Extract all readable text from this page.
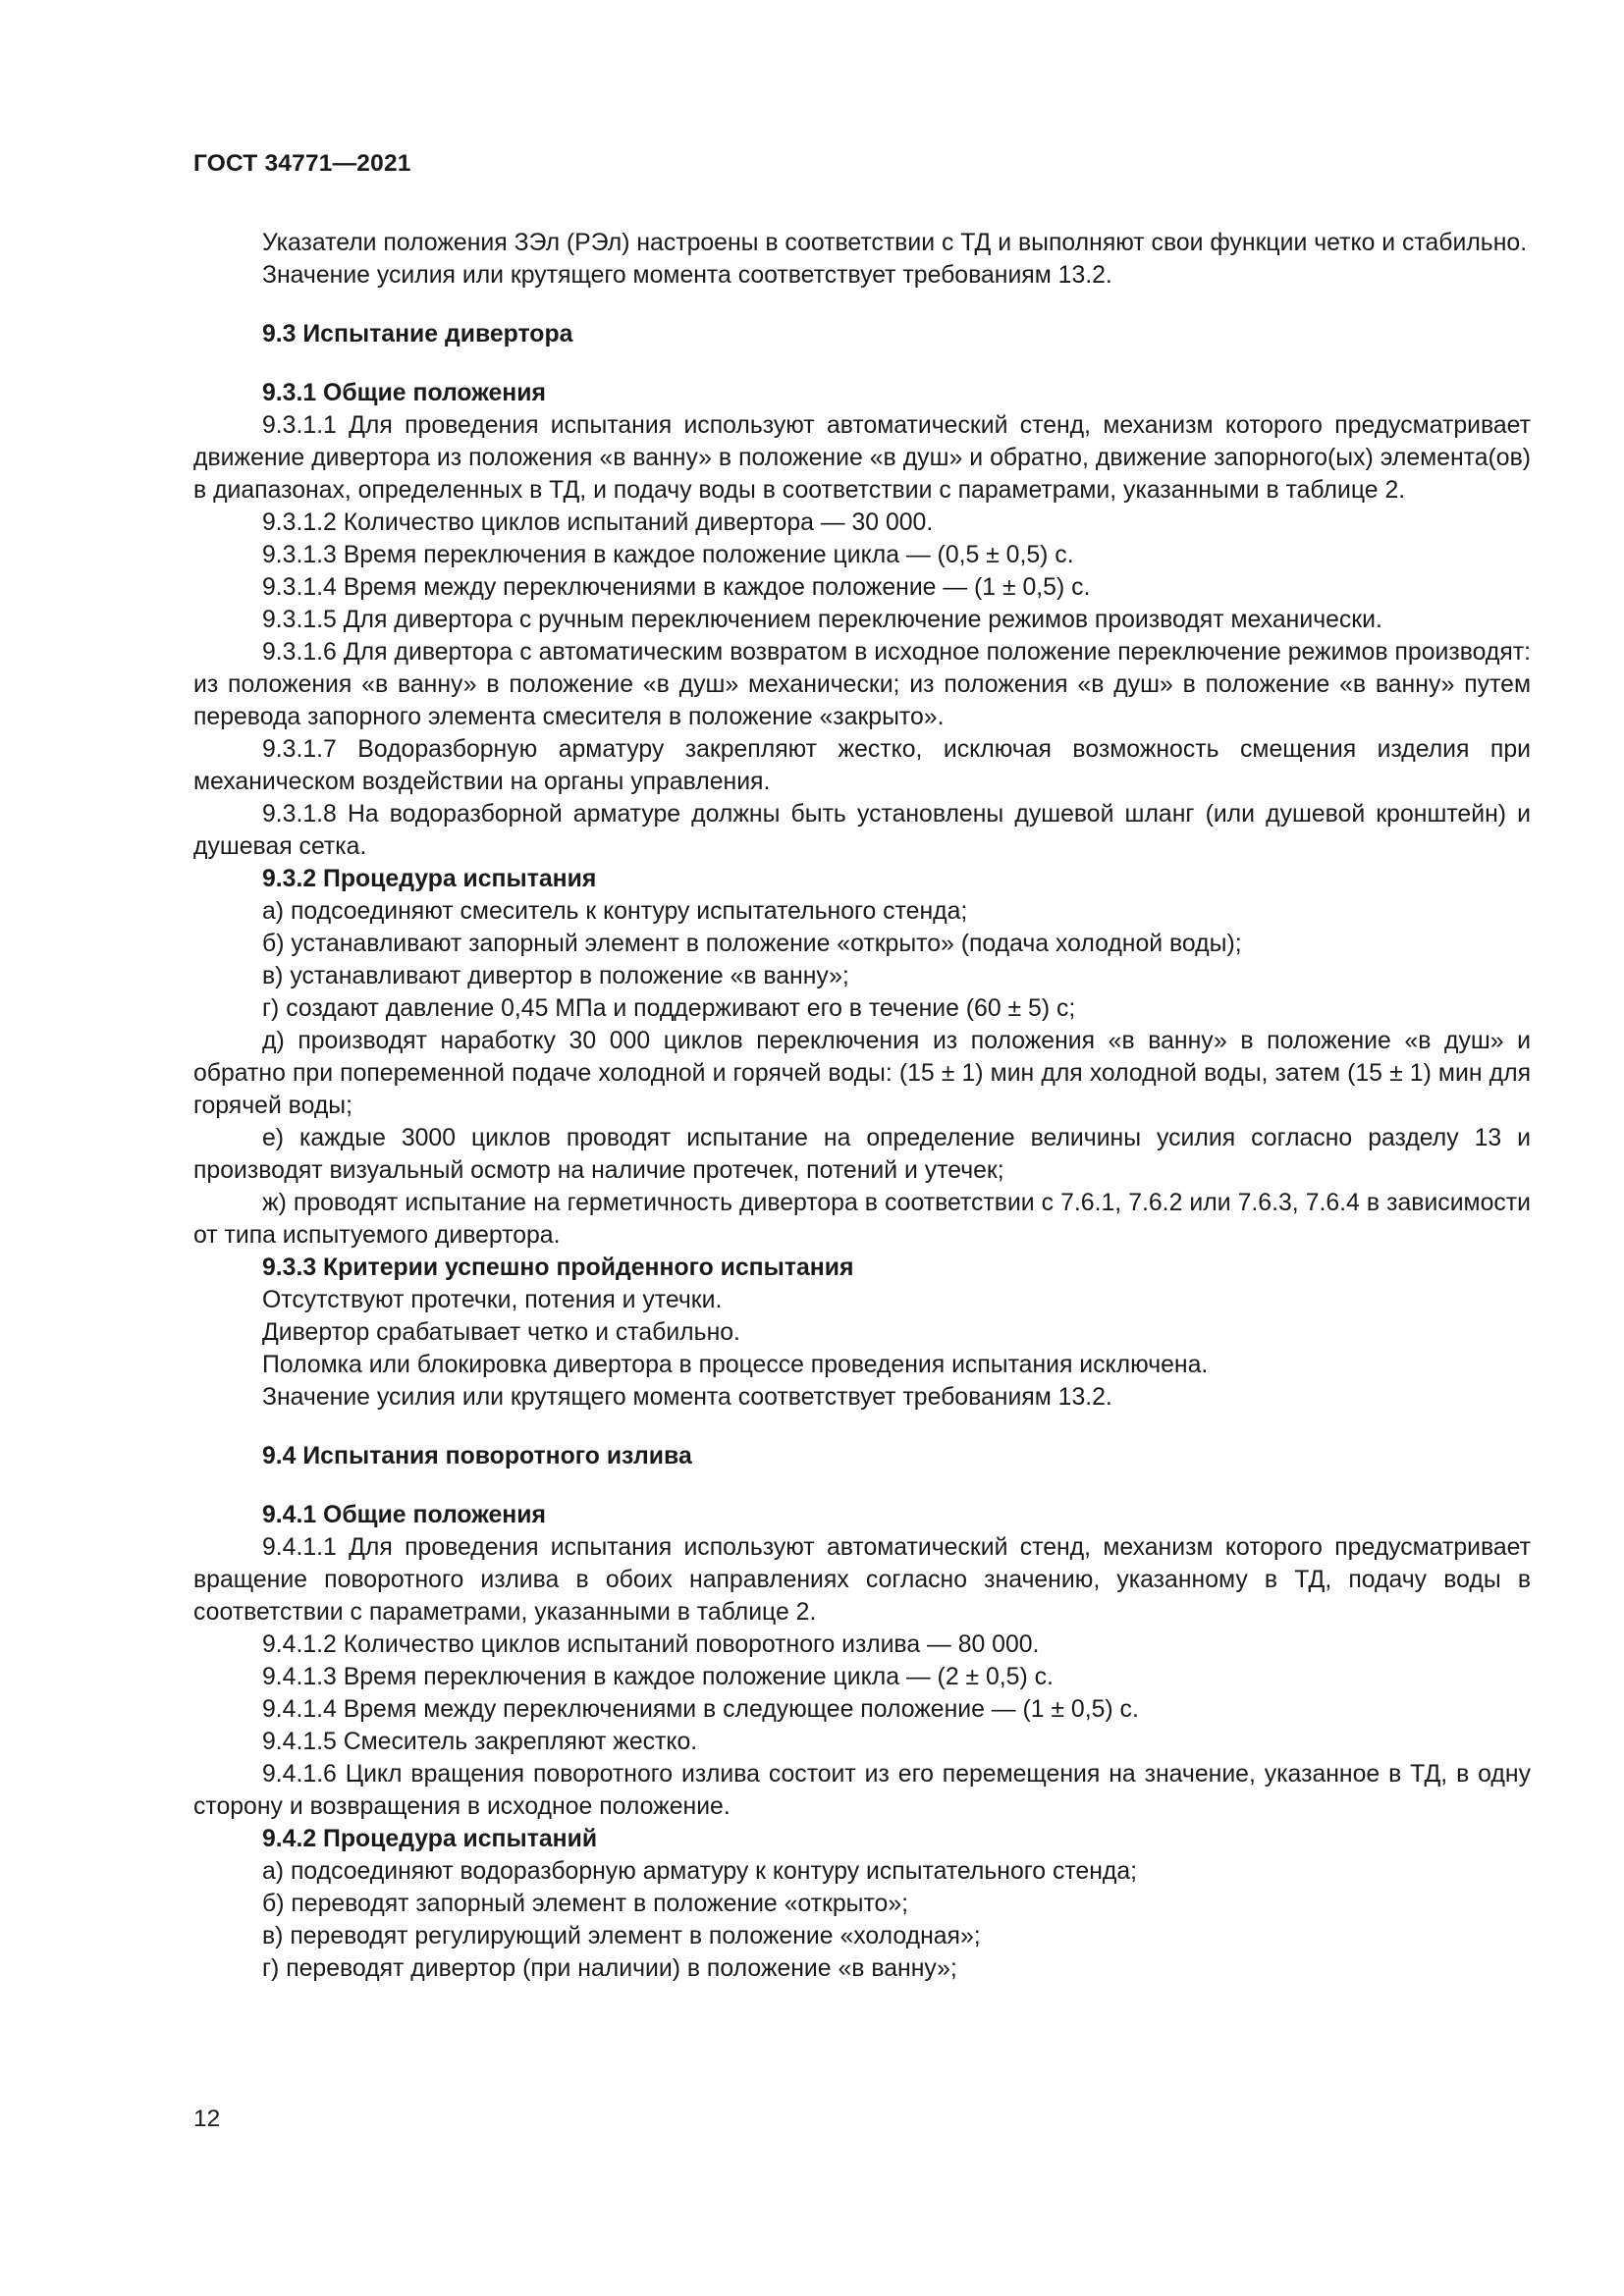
ГОСТ 34771—2021

Указатели положения ЗЭл (РЭл) настроены в соответствии с ТД и выполняют свои функции четко и стабильно.

Значение усилия или крутящего момента соответствует требованиям 13.2.

9.3 Испытание дивертора

9.3.1 Общие положения

9.3.1.1 Для проведения испытания используют автоматический стенд, механизм которого предусматривает движение дивертора из положения «в ванну» в положение «в душ» и обратно, движение запорного(ых) элемента(ов) в диапазонах, определенных в ТД, и подачу воды в соответствии с параметрами, указанными в таблице 2.

9.3.1.2 Количество циклов испытаний дивертора — 30 000.

9.3.1.3 Время переключения в каждое положение цикла — (0,5 ± 0,5) с.

9.3.1.4 Время между переключениями в каждое положение — (1 ± 0,5) с.

9.3.1.5 Для дивертора с ручным переключением переключение режимов производят механически.

9.3.1.6 Для дивертора с автоматическим возвратом в исходное положение переключение режимов производят: из положения «в ванну» в положение «в душ» механически; из положения «в душ» в положение «в ванну» путем перевода запорного элемента смесителя в положение «закрыто».

9.3.1.7 Водоразборную арматуру закрепляют жестко, исключая возможность смещения изделия при механическом воздействии на органы управления.

9.3.1.8 На водоразборной арматуре должны быть установлены душевой шланг (или душевой кронштейн) и душевая сетка.

9.3.2 Процедура испытания

а) подсоединяют смеситель к контуру испытательного стенда;

б) устанавливают запорный элемент в положение «открыто» (подача холодной воды);

в) устанавливают дивертор в положение «в ванну»;

г) создают давление 0,45 МПа и поддерживают его в течение (60 ± 5) с;

д) производят наработку 30 000 циклов переключения из положения «в ванну» в положение «в душ» и обратно при попеременной подаче холодной и горячей воды: (15 ± 1) мин для холодной воды, затем (15 ± 1) мин для горячей воды;

е) каждые 3000 циклов проводят испытание на определение величины усилия согласно разделу 13 и производят визуальный осмотр на наличие протечек, потений и утечек;

ж) проводят испытание на герметичность дивертора в соответствии с 7.6.1, 7.6.2 или 7.6.3, 7.6.4 в зависимости от типа испытуемого дивертора.

9.3.3 Критерии успешно пройденного испытания

Отсутствуют протечки, потения и утечки.

Дивертор срабатывает четко и стабильно.

Поломка или блокировка дивертора в процессе проведения испытания исключена.

Значение усилия или крутящего момента соответствует требованиям 13.2.

9.4 Испытания поворотного излива

9.4.1 Общие положения

9.4.1.1 Для проведения испытания используют автоматический стенд, механизм которого предусматривает вращение поворотного излива в обоих направлениях согласно значению, указанному в ТД, подачу воды в соответствии с параметрами, указанными в таблице 2.

9.4.1.2 Количество циклов испытаний поворотного излива — 80 000.

9.4.1.3 Время переключения в каждое положение цикла — (2 ± 0,5) с.

9.4.1.4 Время между переключениями в следующее положение — (1 ± 0,5) с.

9.4.1.5 Смеситель закрепляют жестко.

9.4.1.6 Цикл вращения поворотного излива состоит из его перемещения на значение, указанное в ТД, в одну сторону и возвращения в исходное положение.

9.4.2 Процедура испытаний

а) подсоединяют водоразборную арматуру к контуру испытательного стенда;

б) переводят запорный элемент в положение «открыто»;

в) переводят регулирующий элемент в положение «холодная»;

г) переводят дивертор (при наличии) в положение «в ванну»;

12
